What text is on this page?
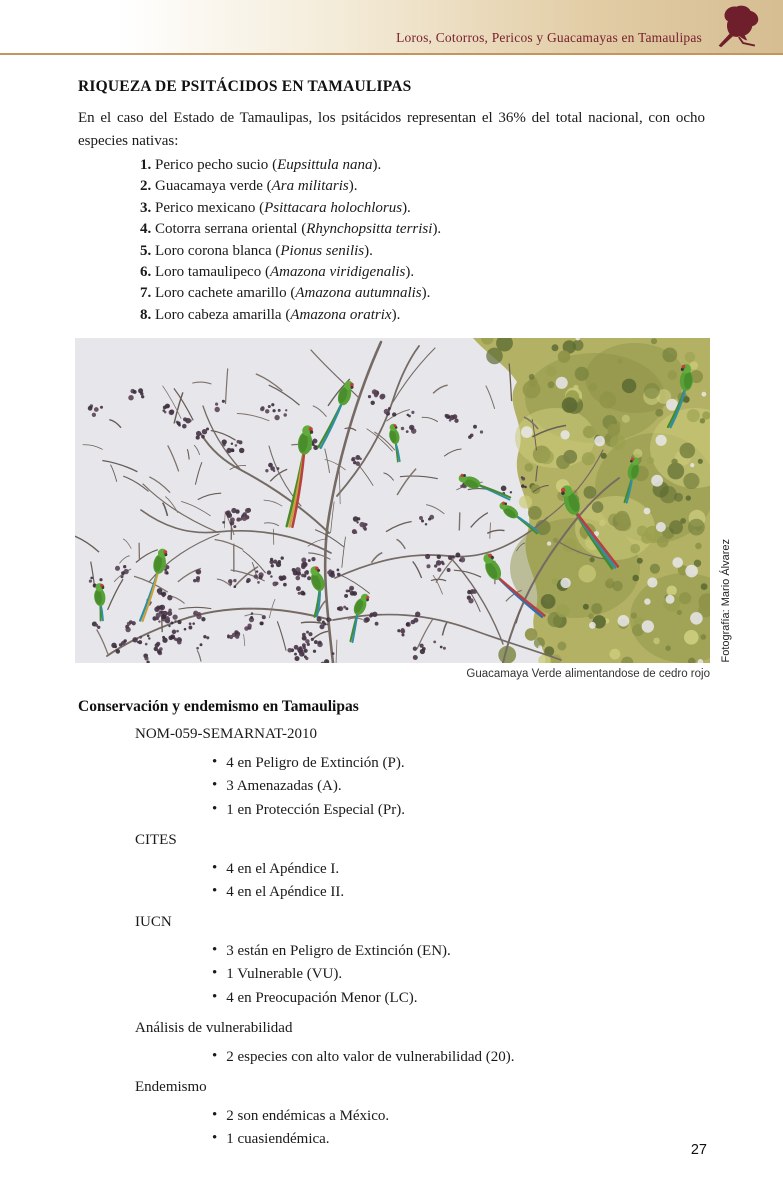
Loros, Cotorros, Pericos y Guacamayas en Tamaulipas
RIQUEZA DE PSITÁCIDOS EN TAMAULIPAS

En el caso del Estado de Tamaulipas, los psitácidos representan el 36% del total nacional, con ocho especies nativas:

1. Perico pecho sucio (Eupsittula nana).
2. Guacamaya verde (Ara militaris).
3. Perico mexicano (Psittacara holochlorus).
4. Cotorra serrana oriental (Rhynchopsitta terrisi).
5. Loro corona blanca (Pionus senilis).
6. Loro tamaulipeco (Amazona viridigenalis).
7. Loro cachete amarillo (Amazona autumnalis).
8. Loro cabeza amarilla (Amazona oratrix).
Fotografía: Mario Álvarez
Guacamaya Verde alimentandose de cedro rojo
Conservación y endemismo en Tamaulipas
NOM-059-SEMARNAT-2010
• 4 en Peligro de Extinción (P).
• 3 Amenazadas (A).
• 1 en Protección Especial (Pr).
CITES
• 4 en el Apéndice I.
• 4 en el Apéndice II.
IUCN
• 3 están en Peligro de Extinción (EN).
• 1 Vulnerable (VU).
• 4 en Preocupación Menor (LC).
Análisis de vulnerabilidad
• 2 especies con alto valor de vulnerabilidad (20).
Endemismo
• 2 son endémicas a México.
• 1 cuasiendémica.
27
